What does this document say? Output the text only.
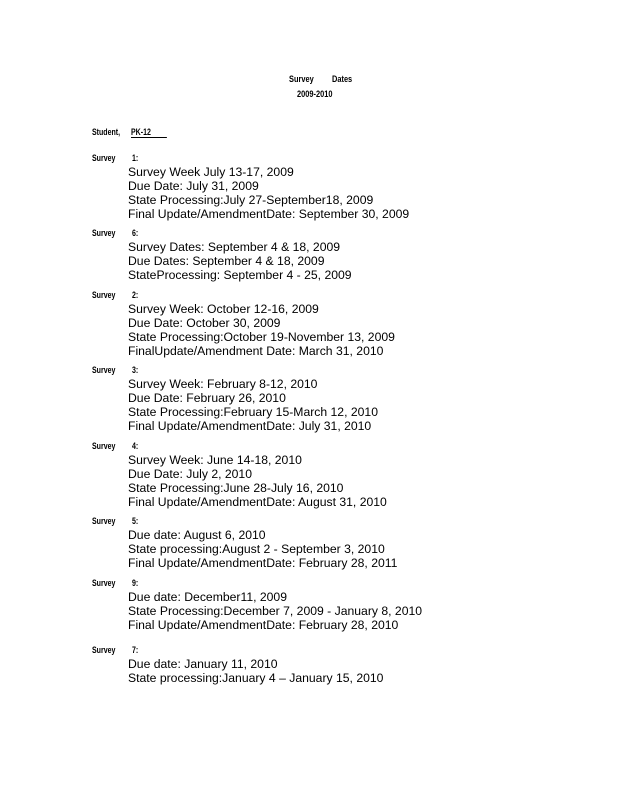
Survey Dates
2009-2010
Student, PK-12
Survey 1:
Survey Week July 13-17, 2009
Due Date: July 31, 2009
State Processing:July 27-September18, 2009
Final Update/AmendmentDate: September 30, 2009
Survey 6:
Survey Dates: September 4 & 18, 2009
Due Dates: September 4 & 18, 2009
StateProcessing: September 4 - 25, 2009
Survey 2:
Survey Week: October 12-16, 2009
Due Date: October 30, 2009
State Processing:October 19-November 13, 2009
FinalUpdate/Amendment Date: March 31, 2010
Survey 3:
Survey Week: February 8-12, 2010
Due Date: February 26, 2010
State Processing:February 15-March 12, 2010
Final Update/AmendmentDate: July 31, 2010
Survey 4:
Survey Week: June 14-18, 2010
Due Date: July 2, 2010
State Processing:June 28-July 16, 2010
Final Update/AmendmentDate: August 31, 2010
Survey 5:
Due date: August 6, 2010
State processing:August 2 - September 3, 2010
Final Update/AmendmentDate: February 28, 2011
Survey 9:
Due date: December11, 2009
State Processing:December 7, 2009 - January 8, 2010
Final Update/AmendmentDate: February 28, 2010
Survey 7:
Due date: January 11, 2010
State processing:January 4 – January 15, 2010
